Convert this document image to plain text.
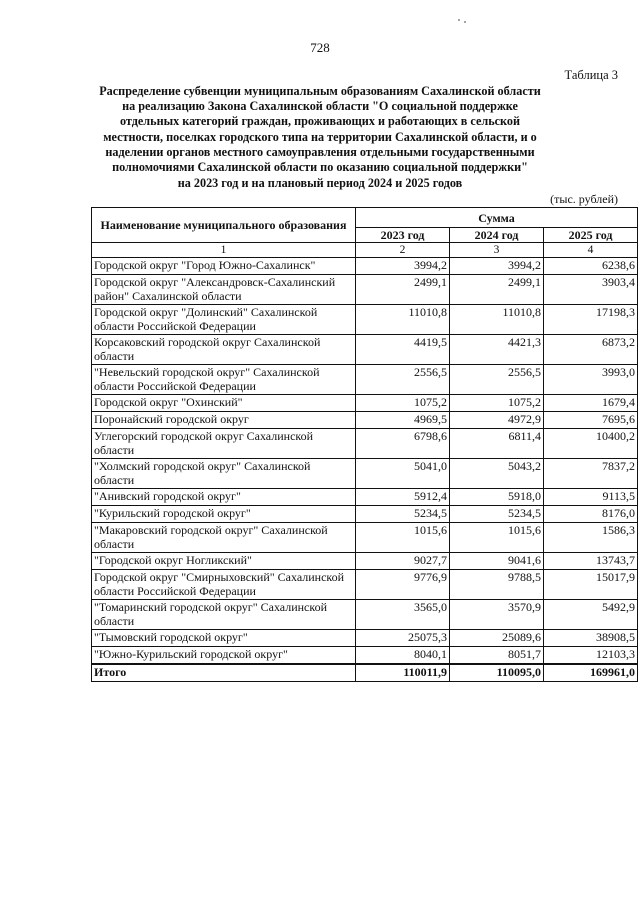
728
Таблица 3
Распределение субвенции муниципальным образованиям Сахалинской области на реализацию Закона Сахалинской области "О социальной поддержке отдельных категорий граждан, проживающих и работающих в сельской местности, поселках городского типа на территории Сахалинской области, и о наделении органов местного самоуправления отдельными государственными полномочиями Сахалинской области по оказанию социальной поддержки"
на 2023 год и на плановый период 2024 и 2025 годов
(тыс. рублей)
Наименование муниципального образования	Сумма		
	2023 год	2024 год	2025 год
1	2	3	4
Городской округ "Город Южно-Сахалинск"	3994,2	3994,2	6238,6
Городской округ "Александровск-Сахалинский район" Сахалинской области	2499,1	2499,1	3903,4
Городской округ "Долинский" Сахалинской области Российской Федерации	11010,8	11010,8	17198,3
Корсаковский городской округ Сахалинской области	4419,5	4421,3	6873,2
"Невельский городской округ" Сахалинской области Российской Федерации	2556,5	2556,5	3993,0
Городской округ "Охинский"	1075,2	1075,2	1679,4
Поронайский городской округ	4969,5	4972,9	7695,6
Углегорский городской округ Сахалинской области	6798,6	6811,4	10400,2
"Холмский городской округ" Сахалинской области	5041,0	5043,2	7837,2
"Анивский городской округ"	5912,4	5918,0	9113,5
"Курильский городской округ"	5234,5	5234,5	8176,0
"Макаровский городской округ" Сахалинской области	1015,6	1015,6	1586,3
"Городской округ Ногликский"	9027,7	9041,6	13743,7
Городской округ "Смирныховский" Сахалинской области Российской Федерации	9776,9	9788,5	15017,9
"Томаринский городской округ" Сахалинской области	3565,0	3570,9	5492,9
"Тымовский городской округ"	25075,3	25089,6	38908,5
"Южно-Курильский городской округ"	8040,1	8051,7	12103,3
Итого	110011,9	110095,0	169961,0
